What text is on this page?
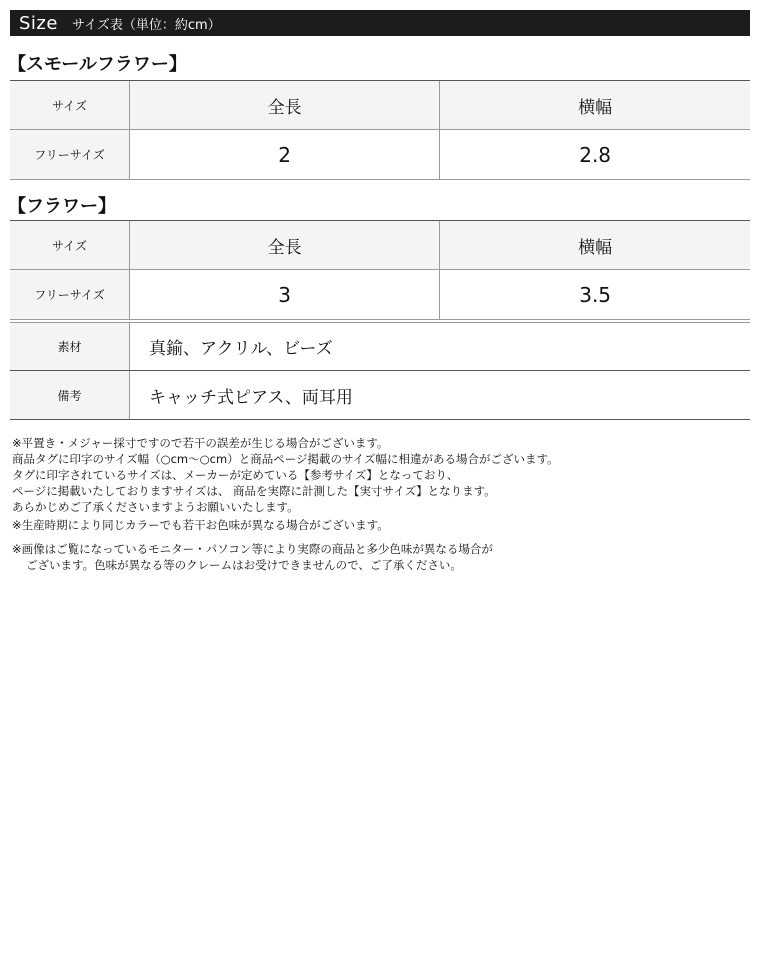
Size サイズ表（単位：約cm）
【スモールフラワー】
サイズ	全長	横幅
フリーサイズ	2	2.8
【フラワー】
サイズ	全長	横幅
フリーサイズ	3	3.5
素材	真鍮、アクリル、ビーズ
備考	キャッチ式ピアス、両耳用

※平置き・メジャー採寸ですので若干の誤差が生じる場合がございます。

商品タグに印字のサイズ幅（○cm～○cm）と商品ページ掲載のサイズ幅に相違がある場合がございます。

タグに印字されているサイズは、メーカーが定めている【参考サイズ】となっており、

ページに掲載いたしておりますサイズは、 商品を実際に計測した【実寸サイズ】となります。

あらかじめご了承くださいますようお願いいたします。

※生産時期により同じカラーでも若干お色味が異なる場合がございます。

※画像はご覧になっているモニター・パソコン等により実際の商品と多少色味が異なる場合が

ございます。色味が異なる等のクレームはお受けできませんので、ご了承ください。
